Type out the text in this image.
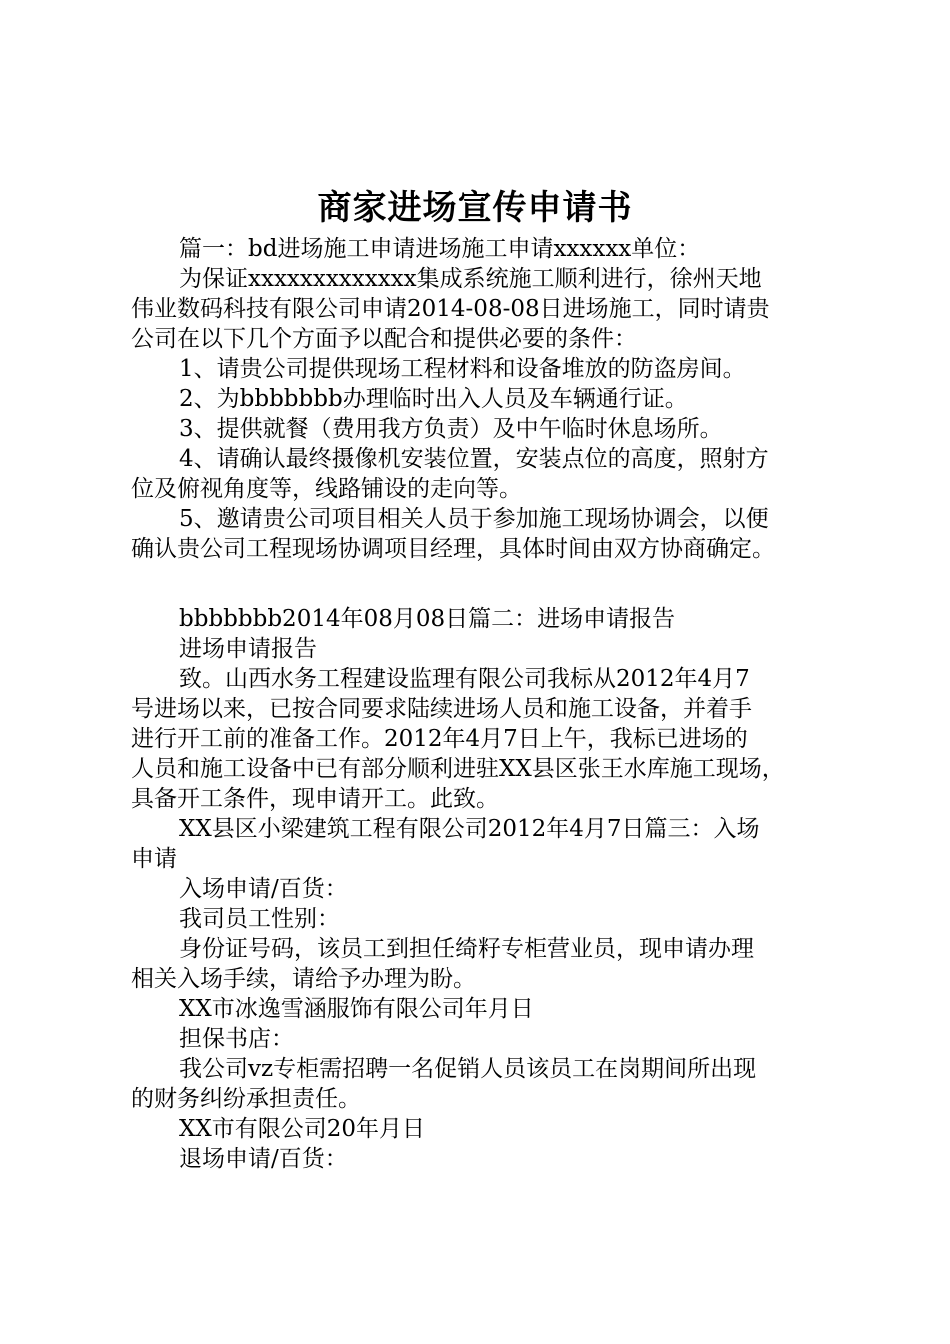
商家进场宣传申请书
篇一：bd进场施工申请进场施工申请xxxxxx单位：
为保证xxxxxxxxxxxxx集成系统施工顺利进行，徐州天地
伟业数码科技有限公司申请2014-08-08日进场施工，同时请贵
公司在以下几个方面予以配合和提供必要的条件：
1、请贵公司提供现场工程材料和设备堆放的防盗房间。
2、为bbbbbbb办理临时出入人员及车辆通行证。
3、提供就餐（费用我方负责）及中午临时休息场所。
4、请确认最终摄像机安装位置，安装点位的高度，照射方
位及俯视角度等，线路铺设的走向等。
5、邀请贵公司项目相关人员于参加施工现场协调会，以便
确认贵公司工程现场协调项目经理，具体时间由双方协商确定。
bbbbbbb2014年08月08日篇二：进场申请报告
进场申请报告
致。山西水务工程建设监理有限公司我标从2012年4月7
号进场以来，已按合同要求陆续进场人员和施工设备，并着手
进行开工前的准备工作。2012年4月7日上午，我标已进场的
人员和施工设备中已有部分顺利进驻XX县区张王水库施工现场，
具备开工条件，现申请开工。此致。
XX县区小梁建筑工程有限公司2012年4月7日篇三：入场
申请
入场申请/百货：
我司员工性别：
身份证号码，该员工到担任绮籽专柜营业员，现申请办理
相关入场手续，请给予办理为盼。
XX市冰逸雪涵服饰有限公司年月日
担保书店：
我公司vz专柜需招聘一名促销人员该员工在岗期间所出现
的财务纠纷承担责任。
XX市有限公司20年月日
退场申请/百货：
